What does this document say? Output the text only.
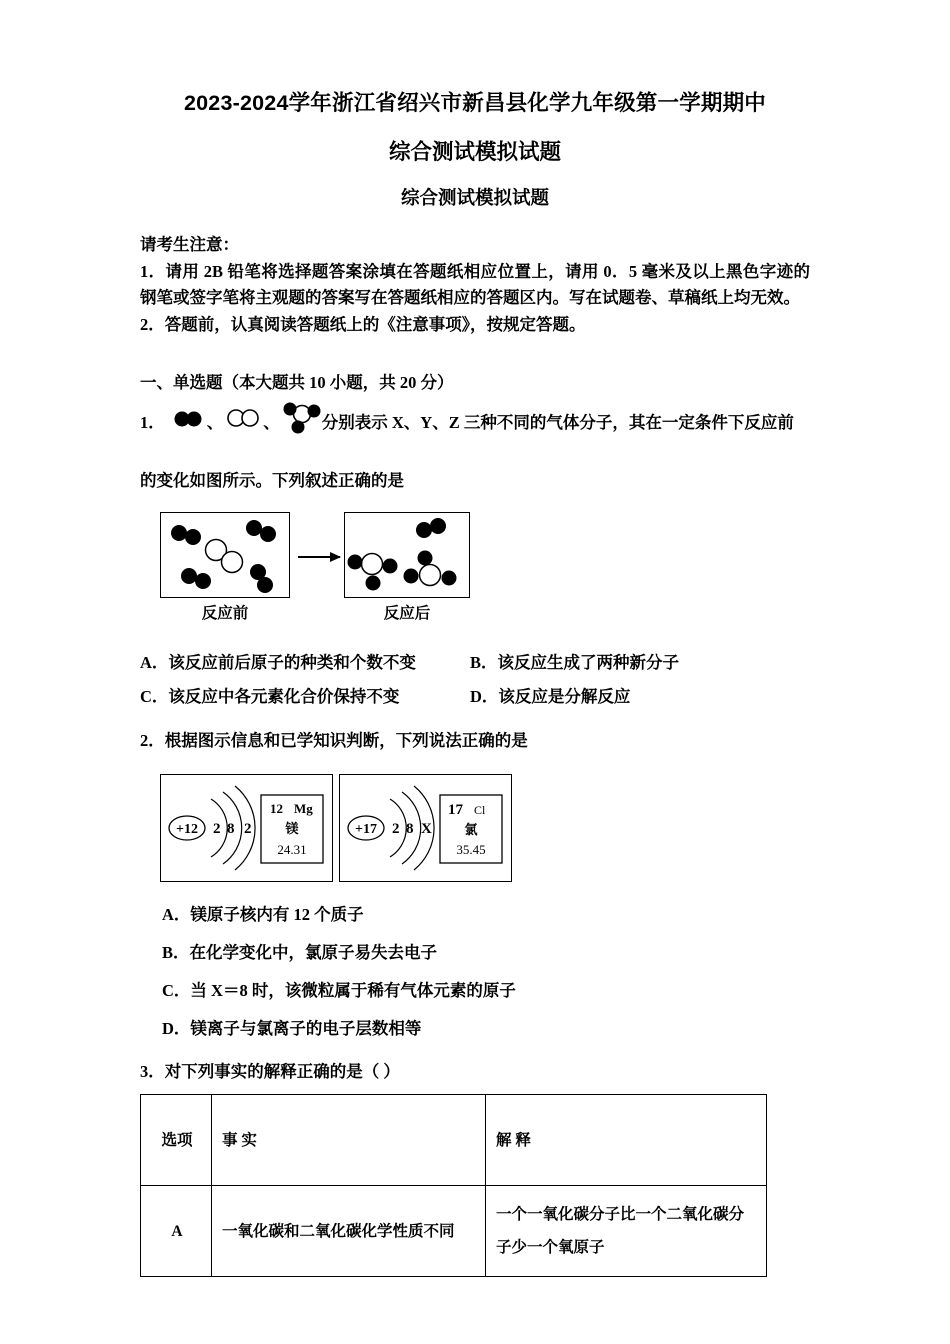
2023-2024学年浙江省绍兴市新昌县化学九年级第一学期期中
综合测试模拟试题
综合测试模拟试题

请考生注意：

1．请用 2B 铅笔将选择题答案涂填在答题纸相应位置上，请用 0．5 毫米及以上黑色字迹的钢笔或签字笔将主观题的答案写在答题纸相应的答题区内。写在试题卷、草稿纸上均无效。

2．答题前，认真阅读答题纸上的《注意事项》，按规定答题。

一、单选题（本大题共 10 小题，共 20 分）
1．	、 、	分别表示 X、Y、Z 三种不同的气体分子，其在一定条件下反应前
的变化如图所示。下列叙述正确的是
反应前	反应后
A．该反应前后原子的种类和个数不变	B．该反应生成了两种新分子
C．该反应中各元素化合价保持不变	D．该反应是分解反应
2．根据图示信息和已学知识判断，下列说法正确的是
+12 2 8 2
12 Mg
镁
24.31
+17 2 8 X
17 Cl
氯
35.45
A．镁原子核内有 12 个质子
B．在化学变化中，氯原子易失去电子
C．当 X＝8 时，该微粒属于稀有气体元素的原子
D．镁离子与氯离子的电子层数相等
3．对下列事实的解释正确的是（ ）
选项	事 实	解 释
A	一氧化碳和二氧化碳化学性质不同	一个一氧化碳分子比一个二氧化碳分子少一个氧原子
